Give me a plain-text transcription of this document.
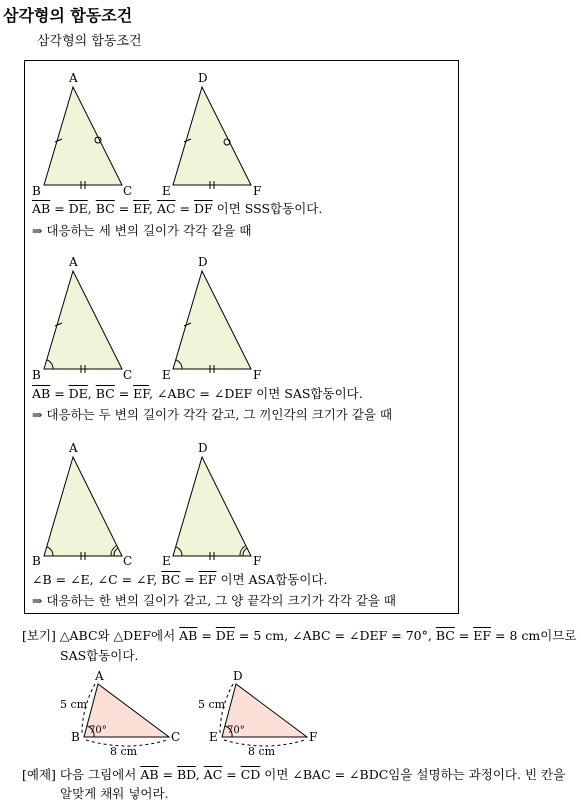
삼각형의 합동조건
삼각형의 합동조건
A
B	C
D
E	F
A
B	C
D
E	F
A
B	C
D
E	F
A
B	C
D
E	F
5 cm	5 cm
8 cm	8 cm
70°	70°
$\overline{AB} = \overline{DE}$, $\overline{BC} = \overline{EF}$, $\overline{AC} = \overline{DF}$ 이면 SSS합동이다.
⇒ 대응하는 세 변의 길이가 각각 같을 때
$\overline{AB} = \overline{DE}$, $\overline{BC} = \overline{EF}$, ∠ABC = ∠DEF 이면 SAS합동이다.
⇒ 대응하는 두 변의 길이가 각각 같고, 그 끼인각의 크기가 같을 때
∠B = ∠E, ∠C = ∠F, $\overline{BC} = \overline{EF}$ 이면 ASA합동이다.
⇒ 대응하는 한 변의 길이가 같고, 그 양 끝각의 크기가 각각 같을 때
[보기] △ABC와 △DEF에서 $\overline{AB} = \overline{DE} = 5$ cm, ∠ABC = ∠DEF = 70°, $\overline{BC} = \overline{EF} = 8$ cm이므로
SAS합동이다.
[예제] 다음 그림에서 $\overline{AB} = \overline{BD}$, $\overline{AC} = \overline{CD}$ 이면 ∠BAC = ∠BDC임을 설명하는 과정이다. 빈 칸을
알맞게 채워 넣어라.
